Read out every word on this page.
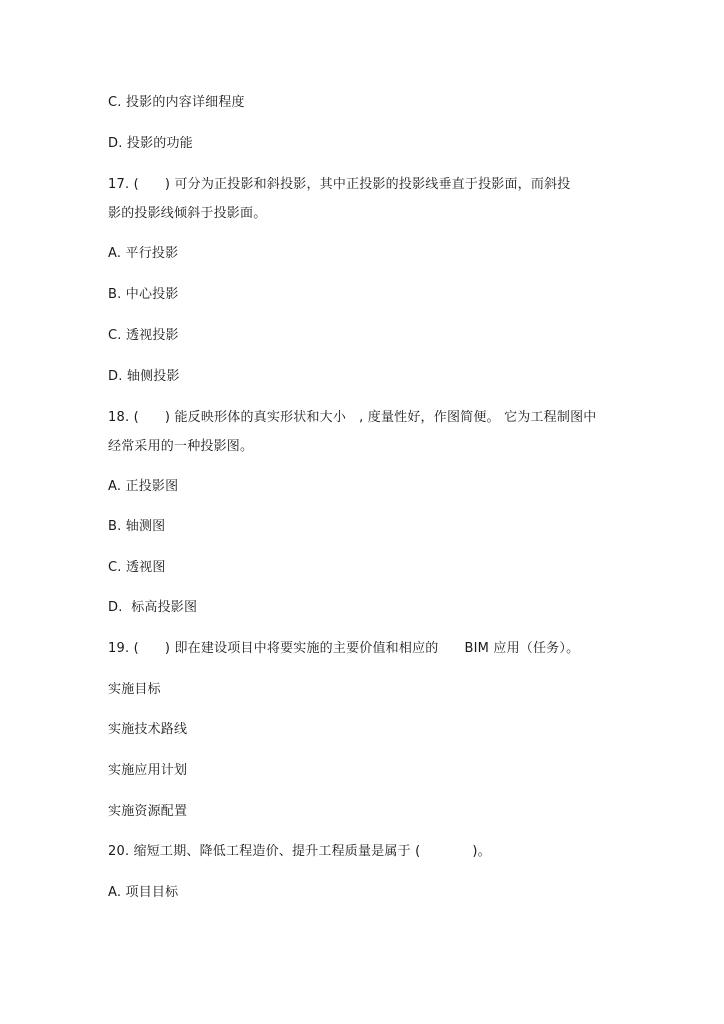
C. 投影的内容详细程度
D. 投影的功能
17. (      ) 可分为正投影和斜投影，其中正投影的投影线垂直于投影面，而斜投
影的投影线倾斜于投影面。
A. 平行投影
B. 中心投影
C. 透视投影
D. 轴侧投影
18. (      ) 能反映形体的真实形状和大小   , 度量性好，作图简便。 它为工程制图中
经常采用的一种投影图。
A. 正投影图
B. 轴测图
C. 透视图
D.  标高投影图
19. (      ) 即在建设项目中将要实施的主要价值和相应的      BIM 应用（任务）。
实施目标
实施技术路线
实施应用计划
实施资源配置
20. 缩短工期、降低工程造价、提升工程质量是属于 (            )。
A. 项目目标
